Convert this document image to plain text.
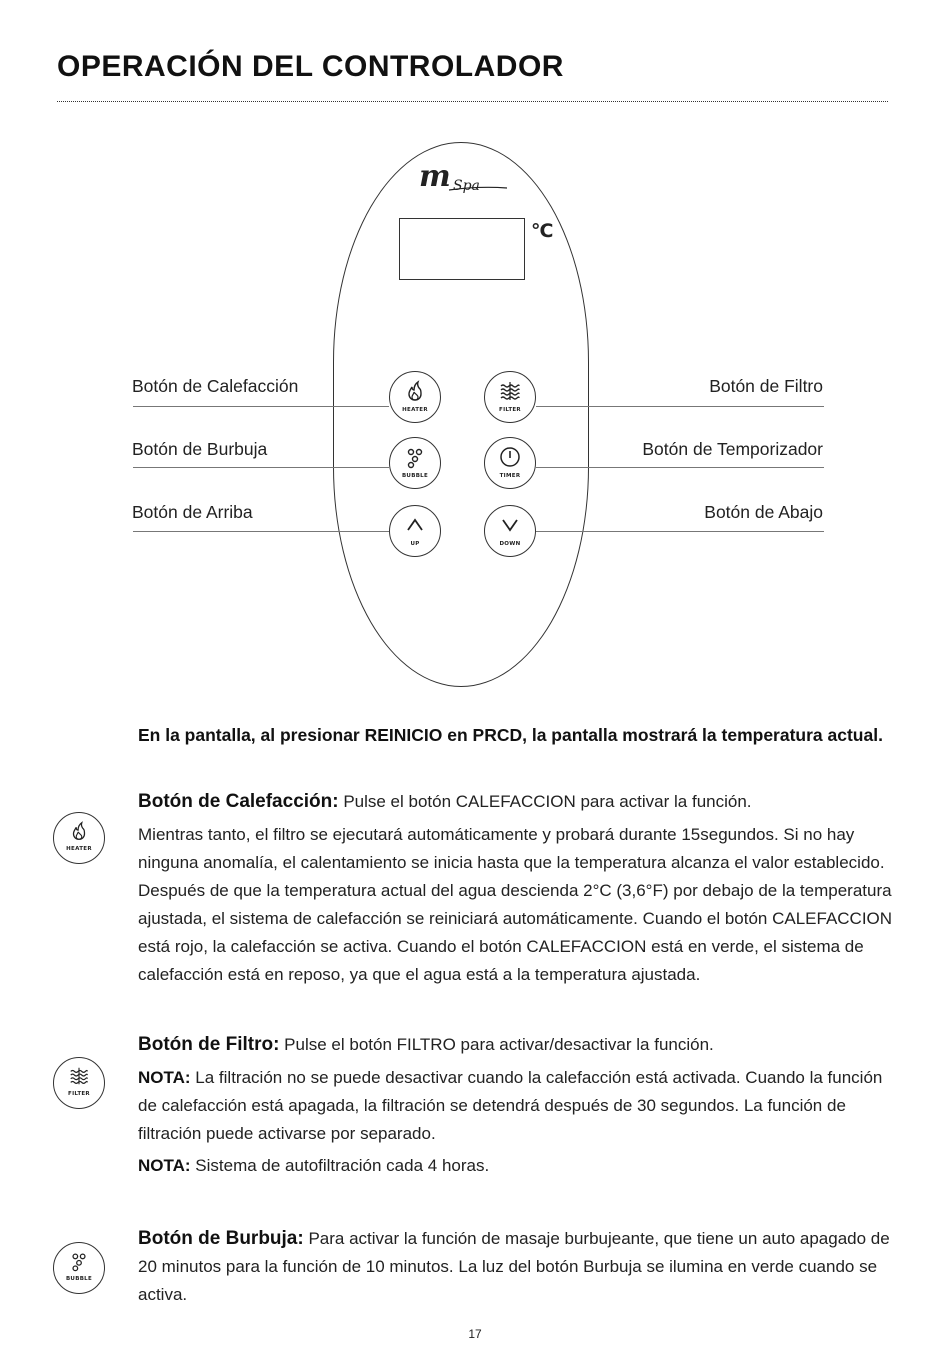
OPERACIÓN DEL CONTROLADOR
m Spa
°C
Botón de Calefacción	Botón de Filtro
Botón de Burbuja	Botón de Temporizador
Botón de Arriba	Botón de Abajo
HEATER	FILTER
BUBBLE	TIMER
UP	DOWN
En la pantalla, al presionar REINICIO en PRCD, la pantalla mostrará la temperatura actual.
HEATER
Botón de Calefacción: Pulse el botón CALEFACCION para activar la función.

Mientras tanto, el filtro se ejecutará automáticamente y probará durante 15segundos. Si no hay ninguna anomalía, el calentamiento se inicia hasta que la temperatura alcanza el valor establecido. Después de que la temperatura actual del agua descienda 2°C (3,6°F) por debajo de la temperatura ajustada, el sistema de calefacción se reiniciará automáticamente. Cuando el botón CALEFACCION está rojo, la calefacción se activa. Cuando el botón CALEFACCION está en verde, el sistema de calefacción está en reposo, ya que el agua está a la temperatura ajustada.

FILTER
Botón de Filtro: Pulse el botón FILTRO para activar/desactivar la función.

NOTA: La filtración no se puede desactivar cuando la calefacción está activada. Cuando la función de calefacción está apagada, la filtración se detendrá después de 30 segundos. La función de filtración puede activarse por separado.

NOTA: Sistema de autofiltración cada 4 horas.

BUBBLE
Botón de Burbuja: Para activar la función de masaje burbujeante, que tiene un auto apagado de 20 minutos para la función de 10 minutos. La luz del botón Burbuja se ilumina en verde cuando se activa.
17
